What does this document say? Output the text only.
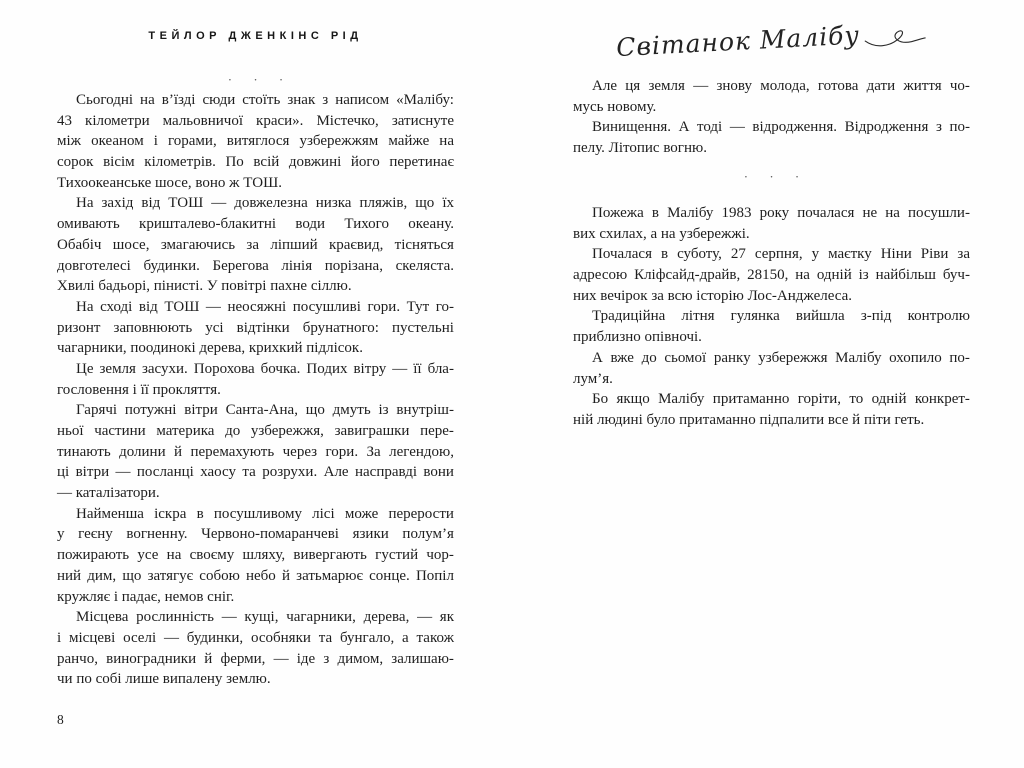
ТЕЙЛОР ДЖЕНКІНС РІД
· · ·
Сьогодні на в’їзді сюди стоїть знак з написом «Малібу:
43 кілометри мальовничої краси». Містечко, затиснуте
між океаном і горами, витяглося узбережжям майже на
сорок вісім кілометрів. По всій довжині його перетинає
Тихоокеанське шосе, воно ж ТОШ.
На захід від ТОШ — довжелезна низка пляжів, що їх
омивають кришталево-блакитні води Тихого океану.
Обабіч шосе, змагаючись за ліпший краєвид, тісняться
довготелесі будинки. Берегова лінія порізана, скеляста.
Хвилі бадьорі, пінисті. У повітрі пахне сіллю.
На сході від ТОШ — неосяжні посушливі гори. Тут го-
ризонт заповнюють усі відтінки брунатного: пустельні
чагарники, поодинокі дерева, крихкий підлісок.
Це земля засухи. Порохова бочка. Подих вітру — її бла-
гословення і її прокляття.
Гарячі потужні вітри Санта-Ана, що дмуть із внутріш-
ньої частини материка до узбережжя, завиграшки пере-
тинають долини й перемахують через гори. За легендою,
ці вітри — посланці хаосу та розрухи. Але насправді вони
— каталізатори.
Найменша іскра в посушливому лісі може перерости
у геєну вогненну. Червоно-помаранчеві язики полум’я
пожирають усе на своєму шляху, вивергають густий чор-
ний дим, що затягує собою небо й затьмарює сонце. Попіл
кружляє і падає, немов сніг.
Місцева рослинність — кущі, чагарники, дерева, — як
і місцеві оселі — будинки, особняки та бунгало, а також
ранчо, виноградники й ферми, — іде з димом, залишаю-
чи по собі лише випалену землю.
8
Світанок Малібу
Але ця земля — знову молода, готова дати життя чо-
мусь новому.
Винищення. А тоді — відродження. Відродження з по-
пелу. Літопис вогню.
· · ·
Пожежа в Малібу 1983 року почалася не на посушли-
вих схилах, а на узбережжі.
Почалася в суботу, 27 серпня, у маєтку Ніни Ріви за
адресою Кліфсайд-драйв, 28150, на одній із найбільш буч-
них вечірок за всю історію Лос-Анджелеса.
Традиційна літня гулянка вийшла з-під контролю
приблизно опівночі.
А вже до сьомої ранку узбережжя Малібу охопило по-
лум’я.
Бо якщо Малібу притаманно горіти, то одній конкрет-
ній людині було притаманно підпалити все й піти геть.
